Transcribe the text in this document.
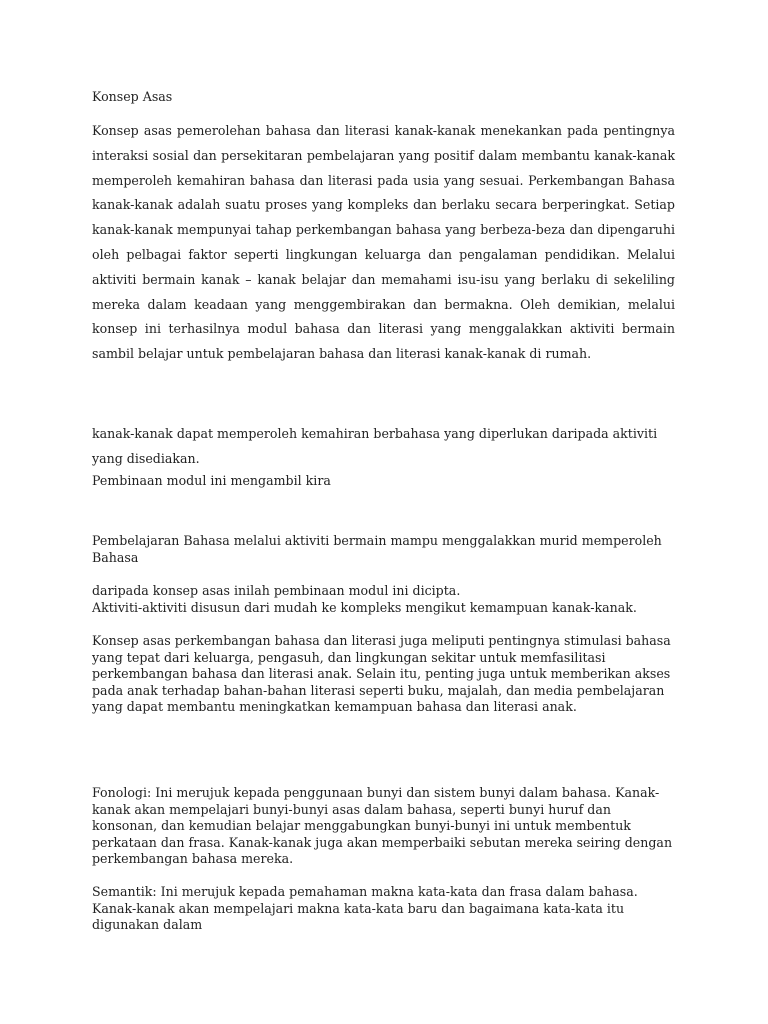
Konsep Asas

Konsep asas pemerolehan bahasa dan literasi kanak-kanak menekankan pada pentingnya interaksi sosial dan persekitaran pembelajaran yang positif dalam membantu kanak-kanak memperoleh kemahiran bahasa dan literasi pada usia yang sesuai. Perkembangan Bahasa kanak-kanak adalah suatu proses yang kompleks dan berlaku secara berperingkat. Setiap kanak-kanak mempunyai tahap perkembangan bahasa yang berbeza-beza dan dipengaruhi oleh pelbagai faktor seperti lingkungan keluarga dan pengalaman pendidikan. Melalui aktiviti bermain kanak – kanak belajar dan memahami isu-isu yang berlaku di sekeliling mereka dalam keadaan yang menggembirakan dan bermakna. Oleh demikian, melalui konsep ini terhasilnya modul bahasa dan literasi yang menggalakkan aktiviti bermain sambil belajar untuk pembelajaran bahasa dan literasi kanak-kanak di rumah.

kanak-kanak dapat memperoleh kemahiran berbahasa yang diperlukan daripada aktiviti yang disediakan.

Pembinaan modul ini mengambil kira

Pembelajaran Bahasa melalui aktiviti bermain mampu menggalakkan murid memperoleh Bahasa

daripada konsep asas inilah pembinaan modul ini dicipta.
Aktiviti-aktiviti disusun dari mudah ke kompleks mengikut kemampuan kanak-kanak.

Konsep asas perkembangan bahasa dan literasi juga meliputi pentingnya stimulasi bahasa yang tepat dari keluarga, pengasuh, dan lingkungan sekitar untuk memfasilitasi perkembangan bahasa dan literasi anak. Selain itu, penting juga untuk memberikan akses pada anak terhadap bahan-bahan literasi seperti buku, majalah, dan media pembelajaran yang dapat membantu meningkatkan kemampuan bahasa dan literasi anak.

Fonologi: Ini merujuk kepada penggunaan bunyi dan sistem bunyi dalam bahasa. Kanak-kanak akan mempelajari bunyi-bunyi asas dalam bahasa, seperti bunyi huruf dan konsonan, dan kemudian belajar menggabungkan bunyi-bunyi ini untuk membentuk perkataan dan frasa. Kanak-kanak juga akan memperbaiki sebutan mereka seiring dengan perkembangan bahasa mereka.

Semantik: Ini merujuk kepada pemahaman makna kata-kata dan frasa dalam bahasa. Kanak-kanak akan mempelajari makna kata-kata baru dan bagaimana kata-kata itu digunakan dalam
